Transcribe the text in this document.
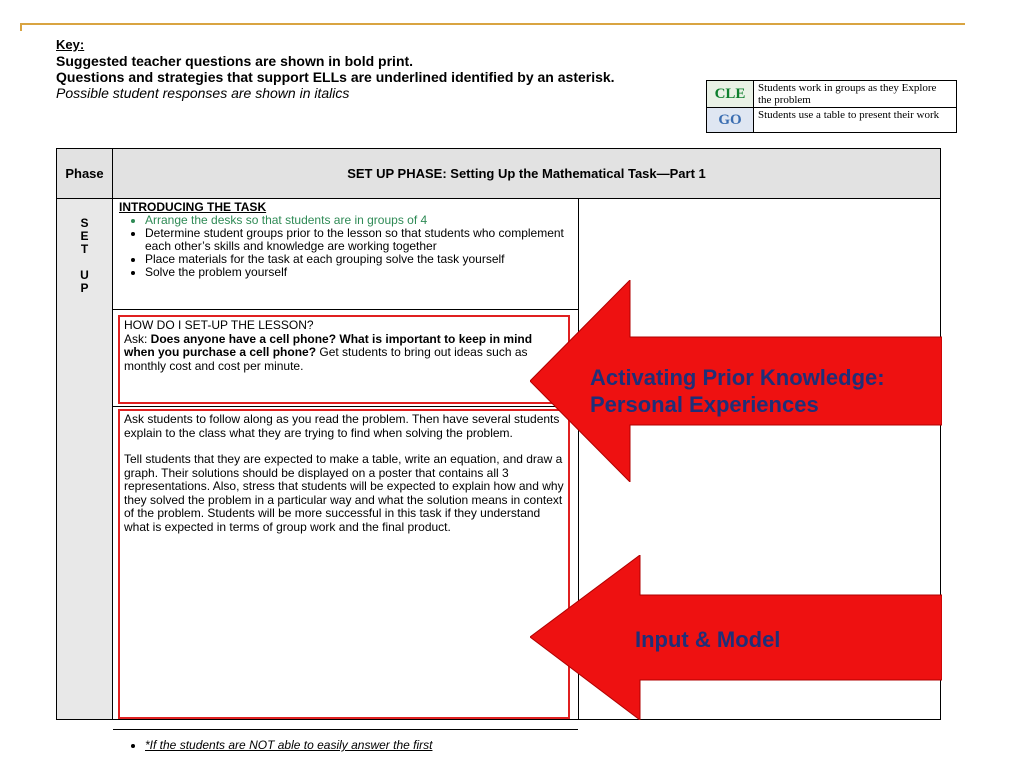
Key:
Suggested teacher questions are shown in bold print.
Questions and strategies that support ELLs are underlined identified by an asterisk.
Possible student responses are shown in italics	CLE	Students work in groups as they Explore the problem
GO	Students use a table to present their work
Phase	SET UP PHASE: Setting Up the Mathematical Task—Part 1
S
E
T

U
P
INTRODUCING THE TASK
• Arrange the desks so that students are in groups of 4
• Determine student groups prior to the lesson so that students who complement each other’s skills and knowledge are working together
• Place materials for the task at each grouping solve the task yourself
• Solve the problem yourself

HOW DO I SET-UP THE LESSON?

Ask: Does anyone have a cell phone? What is important to keep in mind when you purchase a cell phone? Get students to bring out ideas such as monthly cost and cost per minute.

Ask students to follow along as you read the problem. Then have several students explain to the class what they are trying to find when solving the problem.

Tell students that they are expected to make a table, write an equation, and draw a graph. Their solutions should be displayed on a poster that contains all 3 representations. Also, stress that students will be expected to explain how and why they solved the problem in a particular way and what the solution means in context of the problem. Students will be more successful in this task if they understand what is expected in terms of group work and the final product.

• *If the students are NOT able to easily answer the first
Activating Prior Knowledge:
Personal Experiences
Input & Model
